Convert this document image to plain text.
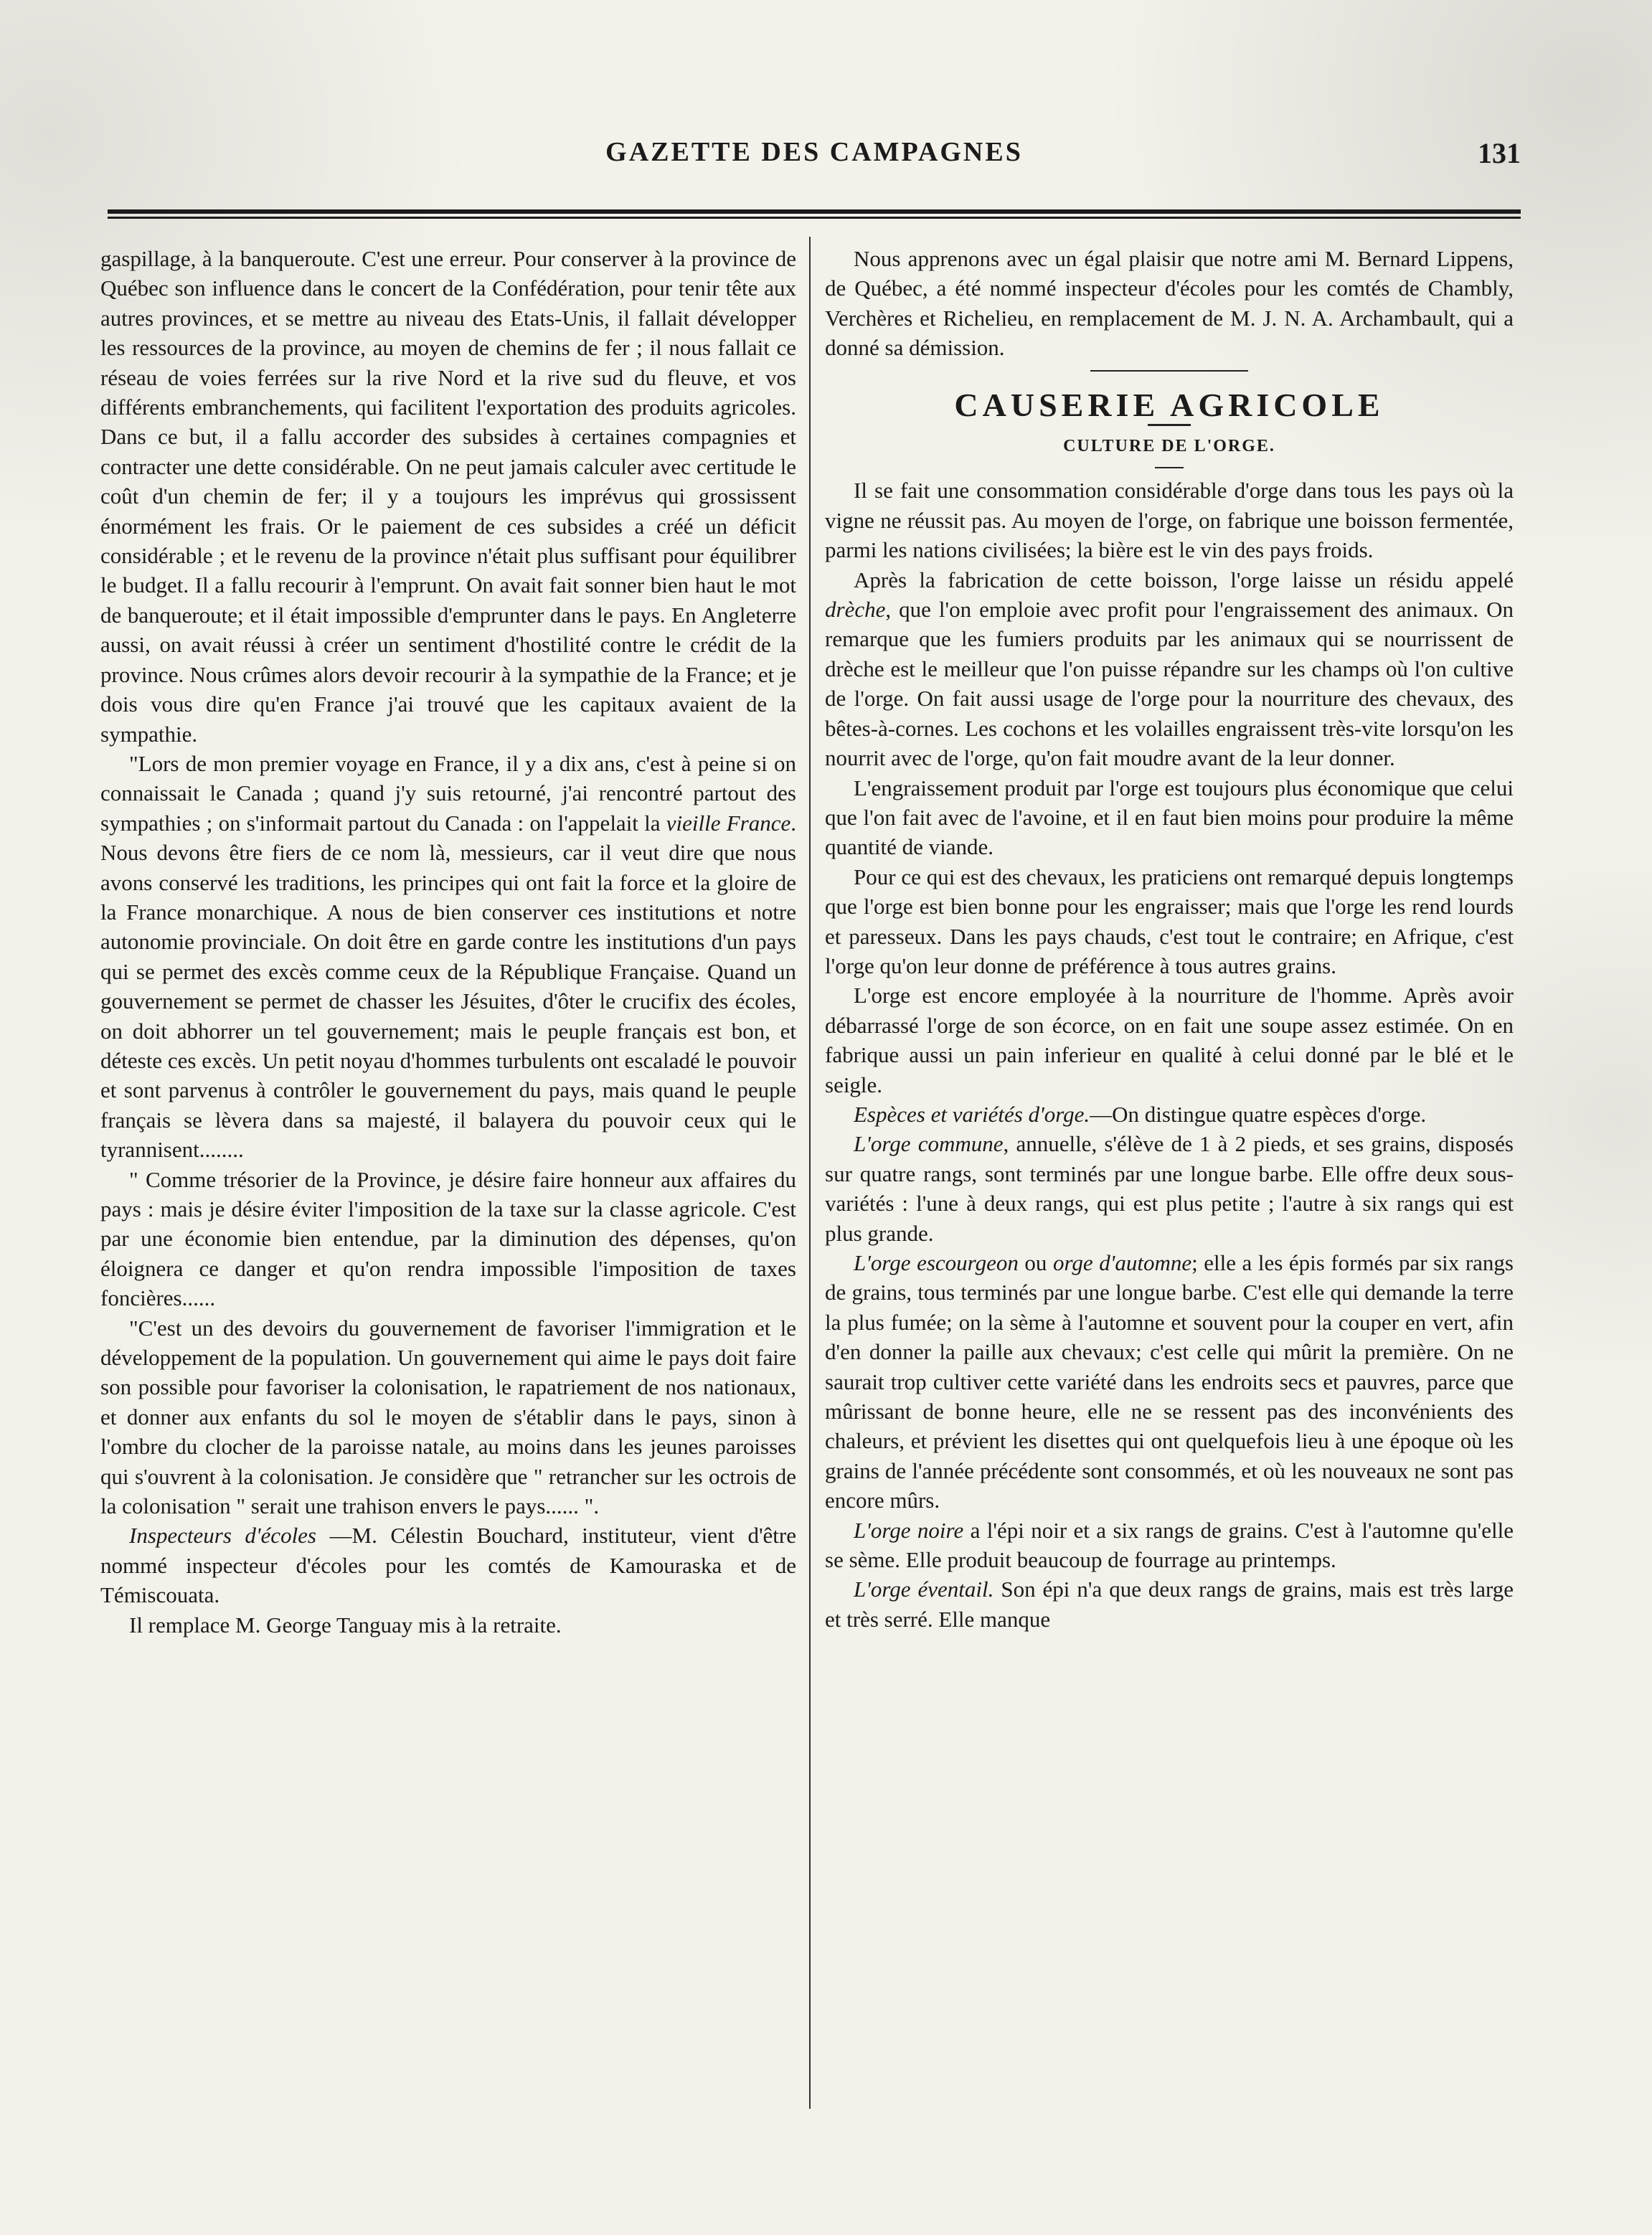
GAZETTE DES CAMPAGNES	131

gaspillage, à la banqueroute. C'est une erreur. Pour conserver à la province de Québec son influence dans le concert de la Confédération, pour tenir tête aux autres provinces, et se mettre au niveau des Etats-Unis, il fallait développer les ressources de la province, au moyen de chemins de fer ; il nous fallait ce réseau de voies ferrées sur la rive Nord et la rive sud du fleuve, et vos différents embranchements, qui facilitent l'exportation des produits agricoles. Dans ce but, il a fallu accorder des subsides à certaines compagnies et contracter une dette considérable. On ne peut jamais calculer avec certitude le coût d'un chemin de fer; il y a toujours les imprévus qui grossissent énormément les frais. Or le paiement de ces subsides a créé un déficit considérable ; et le revenu de la province n'était plus suffisant pour équilibrer le budget. Il a fallu recourir à l'emprunt. On avait fait sonner bien haut le mot de banqueroute; et il était impossible d'emprunter dans le pays. En Angleterre aussi, on avait réussi à créer un sentiment d'hostilité contre le crédit de la province. Nous crûmes alors devoir recourir à la sympathie de la France; et je dois vous dire qu'en France j'ai trouvé que les capitaux avaient de la sympathie.

"Lors de mon premier voyage en France, il y a dix ans, c'est à peine si on connaissait le Canada ; quand j'y suis retourné, j'ai rencontré partout des sympathies ; on s'informait partout du Canada : on l'appelait la vieille France. Nous devons être fiers de ce nom là, messieurs, car il veut dire que nous avons conservé les traditions, les principes qui ont fait la force et la gloire de la France monarchique. A nous de bien conserver ces institutions et notre autonomie provinciale. On doit être en garde contre les institutions d'un pays qui se permet des excès comme ceux de la République Française. Quand un gouvernement se permet de chasser les Jésuites, d'ôter le crucifix des écoles, on doit abhorrer un tel gouvernement; mais le peuple français est bon, et déteste ces excès. Un petit noyau d'hommes turbulents ont escaladé le pouvoir et sont parvenus à contrôler le gouvernement du pays, mais quand le peuple français se lèvera dans sa majesté, il balayera du pouvoir ceux qui le tyrannisent........

" Comme trésorier de la Province, je désire faire honneur aux affaires du pays : mais je désire éviter l'imposition de la taxe sur la classe agricole. C'est par une économie bien entendue, par la diminution des dépenses, qu'on éloignera ce danger et qu'on rendra impossible l'imposition de taxes foncières......

"C'est un des devoirs du gouvernement de favoriser l'immigration et le développement de la population. Un gouvernement qui aime le pays doit faire son possible pour favoriser la colonisation, le rapatriement de nos nationaux, et donner aux enfants du sol le moyen de s'établir dans le pays, sinon à l'ombre du clocher de la paroisse natale, au moins dans les jeunes paroisses qui s'ouvrent à la colonisation. Je considère que " retrancher sur les octrois de la colonisation " serait une trahison envers le pays...... ".

Inspecteurs d'écoles —M. Célestin Bouchard, instituteur, vient d'être nommé inspecteur d'écoles pour les comtés de Kamouraska et de Témiscouata.

Il remplace M. George Tanguay mis à la retraite.

Nous apprenons avec un égal plaisir que notre ami M. Bernard Lippens, de Québec, a été nommé inspecteur d'écoles pour les comtés de Chambly, Verchères et Richelieu, en remplacement de M. J. N. A. Archambault, qui a donné sa démission.

CAUSERIE AGRICOLE
CULTURE DE L'ORGE.

Il se fait une consommation considérable d'orge dans tous les pays où la vigne ne réussit pas. Au moyen de l'orge, on fabrique une boisson fermentée, parmi les nations civilisées; la bière est le vin des pays froids.

Après la fabrication de cette boisson, l'orge laisse un résidu appelé drèche, que l'on emploie avec profit pour l'engraissement des animaux. On remarque que les fumiers produits par les animaux qui se nourrissent de drèche est le meilleur que l'on puisse répandre sur les champs où l'on cultive de l'orge. On fait aussi usage de l'orge pour la nourriture des chevaux, des bêtes-à-cornes. Les cochons et les volailles engraissent très-vite lorsqu'on les nourrit avec de l'orge, qu'on fait moudre avant de la leur donner.

L'engraissement produit par l'orge est toujours plus économique que celui que l'on fait avec de l'avoine, et il en faut bien moins pour produire la même quantité de viande.

Pour ce qui est des chevaux, les praticiens ont remarqué depuis longtemps que l'orge est bien bonne pour les engraisser; mais que l'orge les rend lourds et paresseux. Dans les pays chauds, c'est tout le contraire; en Afrique, c'est l'orge qu'on leur donne de préférence à tous autres grains.

L'orge est encore employée à la nourriture de l'homme. Après avoir débarrassé l'orge de son écorce, on en fait une soupe assez estimée. On en fabrique aussi un pain inferieur en qualité à celui donné par le blé et le seigle.

Espèces et variétés d'orge.—On distingue quatre espèces d'orge.

L'orge commune, annuelle, s'élève de 1 à 2 pieds, et ses grains, disposés sur quatre rangs, sont terminés par une longue barbe. Elle offre deux sous-variétés : l'une à deux rangs, qui est plus petite ; l'autre à six rangs qui est plus grande.

L'orge escourgeon ou orge d'automne; elle a les épis formés par six rangs de grains, tous terminés par une longue barbe. C'est elle qui demande la terre la plus fumée; on la sème à l'automne et souvent pour la couper en vert, afin d'en donner la paille aux chevaux; c'est celle qui mûrit la première. On ne saurait trop cultiver cette variété dans les endroits secs et pauvres, parce que mûrissant de bonne heure, elle ne se ressent pas des inconvénients des chaleurs, et prévient les disettes qui ont quelquefois lieu à une époque où les grains de l'année précédente sont consommés, et où les nouveaux ne sont pas encore mûrs.

L'orge noire a l'épi noir et a six rangs de grains. C'est à l'automne qu'elle se sème. Elle produit beaucoup de fourrage au printemps.

L'orge éventail. Son épi n'a que deux rangs de grains, mais est très large et très serré. Elle manque
